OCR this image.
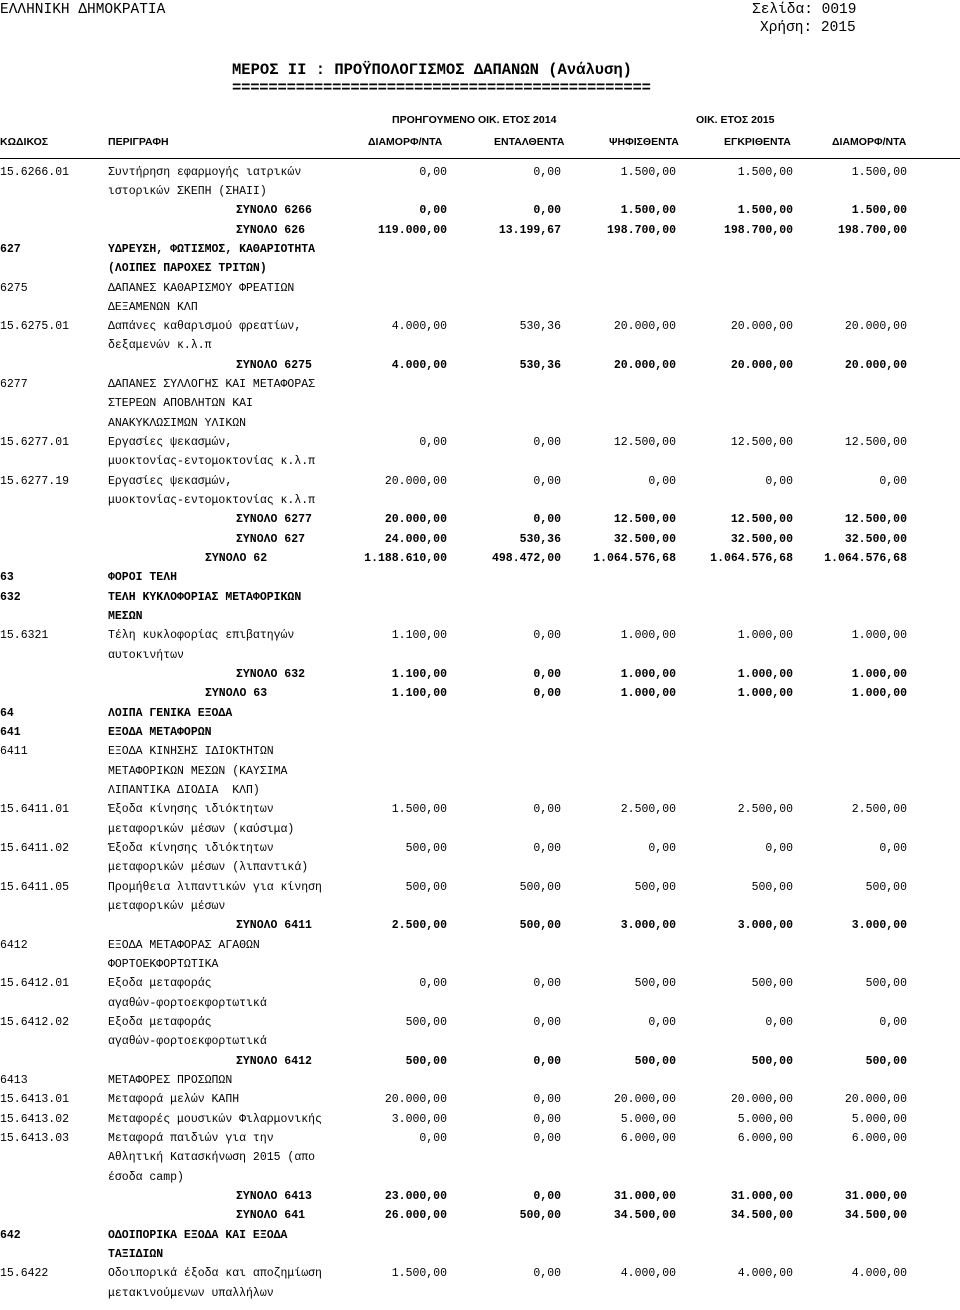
ΕΛΛΗΝΙΚΗ ΔΗΜΟΚΡΑΤΙΑ	Σελίδα: 0019
Χρήση: 2015
ΜΕΡΟΣ ΙΙ : ΠΡΟΫΠΟΛΟΓΙΣΜΟΣ ΔΑΠΑΝΩΝ (Ανάλυση)
==============================================
ΠΡΟΗΓΟΥΜΕΝΟ ΟΙΚ. ΕΤΟΣ 2014	ΟΙΚ. ΕΤΟΣ 2015
ΚΩΔΙΚΟΣ	ΠΕΡΙΓΡΑΦΗ	ΔΙΑΜΟΡΦ/ΝΤΑ	ΕΝΤΑΛΘΕΝΤΑ	ΨΗΦΙΣΘΕΝΤΑ	ΕΓΚΡΙΘΕΝΤΑ	ΔΙΑΜΟΡΦ/ΝΤΑ
15.6266.01	Συντήρηση εφαρμογής ιατρικών	0,00	0,00	1.500,00	1.500,00	1.500,00
ιστορικών ΣΚΕΠΗ (ΣΗΑΙΙ)
ΣΥΝΟΛΟ 6266	0,00	0,00	1.500,00	1.500,00	1.500,00
ΣΥΝΟΛΟ 626	119.000,00	13.199,67	198.700,00	198.700,00	198.700,00
627	ΥΔΡΕΥΣΗ, ΦΩΤΙΣΜΟΣ, ΚΑΘΑΡΙΟΤΗΤΑ
(ΛΟΙΠΕΣ ΠΑΡΟΧΕΣ ΤΡΙΤΩΝ)
6275	ΔΑΠΑΝΕΣ ΚΑΘΑΡΙΣΜΟΥ ΦΡΕΑΤΙΩΝ
ΔΕΞΑΜΕΝΩΝ ΚΛΠ
15.6275.01	Δαπάνες καθαρισμού φρεατίων,	4.000,00	530,36	20.000,00	20.000,00	20.000,00
δεξαμενών κ.λ.π
ΣΥΝΟΛΟ 6275	4.000,00	530,36	20.000,00	20.000,00	20.000,00
6277	ΔΑΠΑΝΕΣ ΣΥΛΛΟΓΗΣ ΚΑΙ ΜΕΤΑΦΟΡΑΣ
ΣΤΕΡΕΩΝ ΑΠΟΒΛΗΤΩΝ ΚΑΙ
ΑΝΑΚΥΚΛΩΣΙΜΩΝ ΥΛΙΚΩΝ
15.6277.01	Εργασίες ψεκασμών,	0,00	0,00	12.500,00	12.500,00	12.500,00
μυοκτονίας-εντομοκτονίας κ.λ.π
15.6277.19	Εργασίες ψεκασμών,	20.000,00	0,00	0,00	0,00	0,00
μυοκτονίας-εντομοκτονίας κ.λ.π
ΣΥΝΟΛΟ 6277	20.000,00	0,00	12.500,00	12.500,00	12.500,00
ΣΥΝΟΛΟ 627	24.000,00	530,36	32.500,00	32.500,00	32.500,00
ΣΥΝΟΛΟ 62	1.188.610,00	498.472,00	1.064.576,68	1.064.576,68	1.064.576,68
63	ΦΟΡΟΙ ΤΕΛΗ
632	ΤΕΛΗ ΚΥΚΛΟΦΟΡΙΑΣ ΜΕΤΑΦΟΡΙΚΩΝ
ΜΕΣΩΝ
15.6321	Τέλη κυκλοφορίας επιβατηγών	1.100,00	0,00	1.000,00	1.000,00	1.000,00
αυτοκινήτων
ΣΥΝΟΛΟ 632	1.100,00	0,00	1.000,00	1.000,00	1.000,00
ΣΥΝΟΛΟ 63	1.100,00	0,00	1.000,00	1.000,00	1.000,00
64	ΛΟΙΠΑ ΓΕΝΙΚΑ ΕΞΟΔΑ
641	ΕΞΟΔΑ ΜΕΤΑΦΟΡΩΝ
6411	ΕΞΟΔΑ ΚΙΝΗΣΗΣ ΙΔΙΟΚΤΗΤΩΝ
ΜΕΤΑΦΟΡΙΚΩΝ ΜΕΣΩΝ (ΚΑΥΣΙΜΑ
ΛΙΠΑΝΤΙΚΑ ΔΙΟΔΙΑ  ΚΛΠ)
15.6411.01	Έξοδα κίνησης ιδιόκτητων	1.500,00	0,00	2.500,00	2.500,00	2.500,00
μεταφορικών μέσων (καύσιμα)
15.6411.02	Έξοδα κίνησης ιδιόκτητων	500,00	0,00	0,00	0,00	0,00
μεταφορικών μέσων (λιπαντικά)
15.6411.05	Προμήθεια λιπαντικών για κίνηση	500,00	500,00	500,00	500,00	500,00
μεταφορικών μέσων
ΣΥΝΟΛΟ 6411	2.500,00	500,00	3.000,00	3.000,00	3.000,00
6412	ΕΞΟΔΑ ΜΕΤΑΦΟΡΑΣ ΑΓΑΘΩΝ
ΦΟΡΤΟΕΚΦΟΡΤΩΤΙΚΑ
15.6412.01	Εξοδα μεταφοράς	0,00	0,00	500,00	500,00	500,00
αγαθών-φορτοεκφορτωτικά
15.6412.02	Εξοδα μεταφοράς	500,00	0,00	0,00	0,00	0,00
αγαθών-φορτοεκφορτωτικά
ΣΥΝΟΛΟ 6412	500,00	0,00	500,00	500,00	500,00
6413	ΜΕΤΑΦΟΡΕΣ ΠΡΟΣΩΠΩΝ
15.6413.01	Μεταφορά μελών ΚΑΠΗ	20.000,00	0,00	20.000,00	20.000,00	20.000,00
15.6413.02	Μεταφορές μουσικών Φιλαρμονικής	3.000,00	0,00	5.000,00	5.000,00	5.000,00
15.6413.03	Μεταφορά παιδιών για την	0,00	0,00	6.000,00	6.000,00	6.000,00
Αθλητική Κατασκήνωση 2015 (απο
έσοδα camp)
ΣΥΝΟΛΟ 6413	23.000,00	0,00	31.000,00	31.000,00	31.000,00
ΣΥΝΟΛΟ 641	26.000,00	500,00	34.500,00	34.500,00	34.500,00
642	ΟΔΟΙΠΟΡΙΚΑ ΕΞΟΔΑ ΚΑΙ ΕΞΟΔΑ
ΤΑΞΙΔΙΩΝ
15.6422	Οδοιπορικά έξοδα και αποζημίωση	1.500,00	0,00	4.000,00	4.000,00	4.000,00
μετακινούμενων υπαλλήλων
